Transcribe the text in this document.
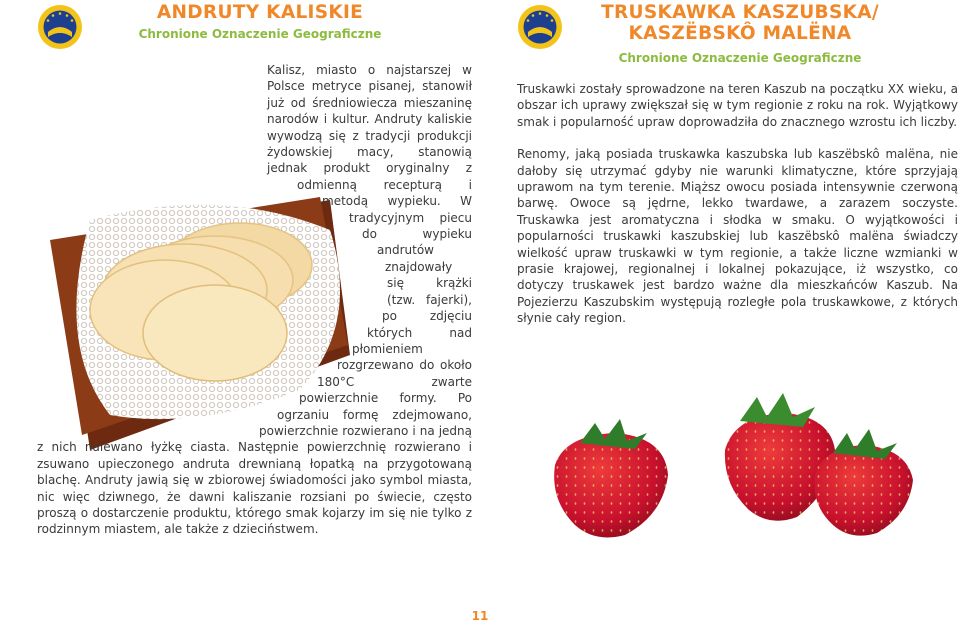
ANDRUTY KALISKIE
Chronione Oznaczenie Geograficzne
Kalisz, miasto o najstarszej w Polsce metryce pisanej, stanowił już od średniowiecza mieszaninę narodów i kultur. Andruty kaliskie wywodzą się z tradycji produkcji żydowskiej macy, stanowią jednak produkt oryginalny z odmienną recepturą i metodą wypieku. W tradycyjnym piecu do wypieku andrutów znajdowały się krążki (tzw. fajerki), po zdjęciu których nad płomieniem rozgrzewano do około 180°C zwarte powierzchnie formy. Po ogrzaniu formę zdejmowano, powierzchnie rozwierano i na jedną z nich nalewano łyżkę ciasta. Następnie powierzchnię rozwierano i zsuwano upieczonego andruta drewnianą łopatką na przygotowaną blachę. Andruty jawią się w zbiorowej świadomości jako symbol miasta, nic więc dziwnego, że dawni kaliszanie rozsiani po świecie, często proszą o dostarczenie produktu, którego smak kojarzy im się nie tylko z rodzinnym miastem, ale także z dzieciństwem.
TRUSKAWKA KASZUBSKA/
KASZËBSKÔ MALËNA
Chronione Oznaczenie Geograficzne

Truskawki zostały sprowadzone na teren Kaszub na początku XX wieku, a obszar ich uprawy zwiększał się w tym regionie z roku na rok. Wyjątkowy smak i popularność upraw doprowadziła do znacznego wzrostu ich liczby.

Renomy, jaką posiada truskawka kaszubska lub kaszëbskô malëna, nie dałoby się utrzymać gdyby nie warunki klimatyczne, które sprzyjają uprawom na tym terenie. Miąższ owocu posiada intensywnie czerwoną barwę. Owoce są jędrne, lekko twardawe, a zarazem soczyste. Truskawka jest aromatyczna i słodka w smaku. O wyjątkowości i popularności truskawki kaszubskiej lub kaszëbskô malëna świadczy wielkość upraw truskawki w tym regionie, a także liczne wzmianki w prasie krajowej, regionalnej i lokalnej pokazujące, iż wszystko, co dotyczy truskawek jest bardzo ważne dla mieszkańców Kaszub. Na Pojezierzu Kaszubskim występują rozległe pola truskawkowe, z których słynie cały region.

11
